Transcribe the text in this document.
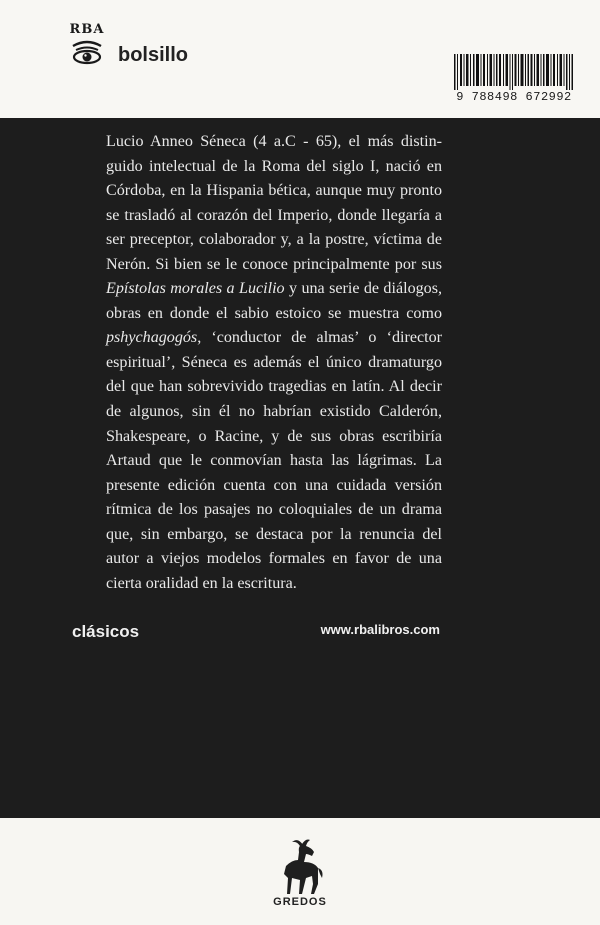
RBA
bolsillo
9 788498 672992

Lucio Anneo Séneca (4 a.C - 65), el más distinguido intelectual de la Roma del siglo I, nació en Córdoba, en la Hispania bética, aunque muy pronto se trasladó al corazón del Imperio, donde llegaría a ser preceptor, colaborador y, a la postre, víctima de Nerón. Si bien se le conoce principalmente por sus Epístolas morales a Lucilio y una serie de diálogos, obras en donde el sabio estoico se muestra como pshychagogós, ‘conductor de almas’ o ‘director espiritual’, Séneca es además el único dramaturgo del que han sobrevivido tragedias en latín. Al decir de algunos, sin él no habrían existido Calderón, Shakespeare, o Racine, y de sus obras escribiría Artaud que le conmovían hasta las lágrimas. La presente edición cuenta con una cuidada versión rítmica de los pasajes no coloquiales de un drama que, sin embargo, se destaca por la renuncia del autor a viejos modelos formales en favor de una cierta oralidad en la escritura.

clásicos	www.rbalibros.com
GREDOS
